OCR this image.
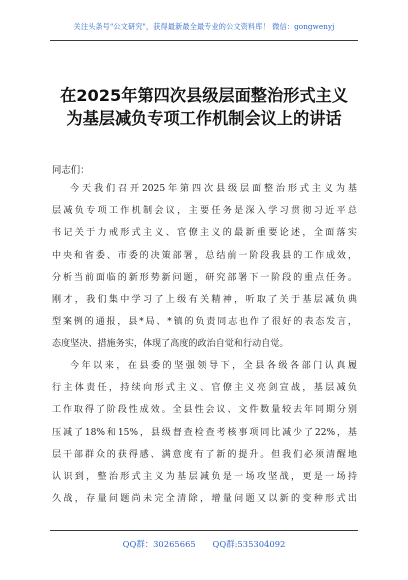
关注头条号"公文研究"，获得最新最全最专业的公文资料库！ 微信：gongwenyj
在2025年第四次县级层面整治形式主义
为基层减负专项工作机制会议上的讲话
同志们：
今天我们召开2025年第四次县级层面整治形式主义为基
层减负专项工作机制会议，主要任务是深入学习贯彻习近平总
书记关于力戒形式主义、官僚主义的最新重要论述，全面落实
中央和省委、市委的决策部署，总结前一阶段我县的工作成效，
分析当前面临的新形势新问题，研究部署下一阶段的重点任务。
刚才，我们集中学习了上级有关精神，听取了关于基层减负典
型案例的通报，县*局、*镇的负责同志也作了很好的表态发言，
态度坚决、措施务实，体现了高度的政治自觉和行动自觉。
今年以来，在县委的坚强领导下，全县各级各部门认真履
行主体责任，持续向形式主义、官僚主义亮剑宣战，基层减负
工作取得了阶段性成效。全县性会议、文件数量较去年同期分别
压减了18%和15%，县级督查检查考核事项同比减少了22%，基
层干部群众的获得感、满意度有了新的提升。但我们必须清醒地
认识到，整治形式主义为基层减负是一场攻坚战，更是一场持
久战，存量问题尚未完全清除，增量问题又以新的变种形式出
QQ群：30265665　　QQ群:535304092
